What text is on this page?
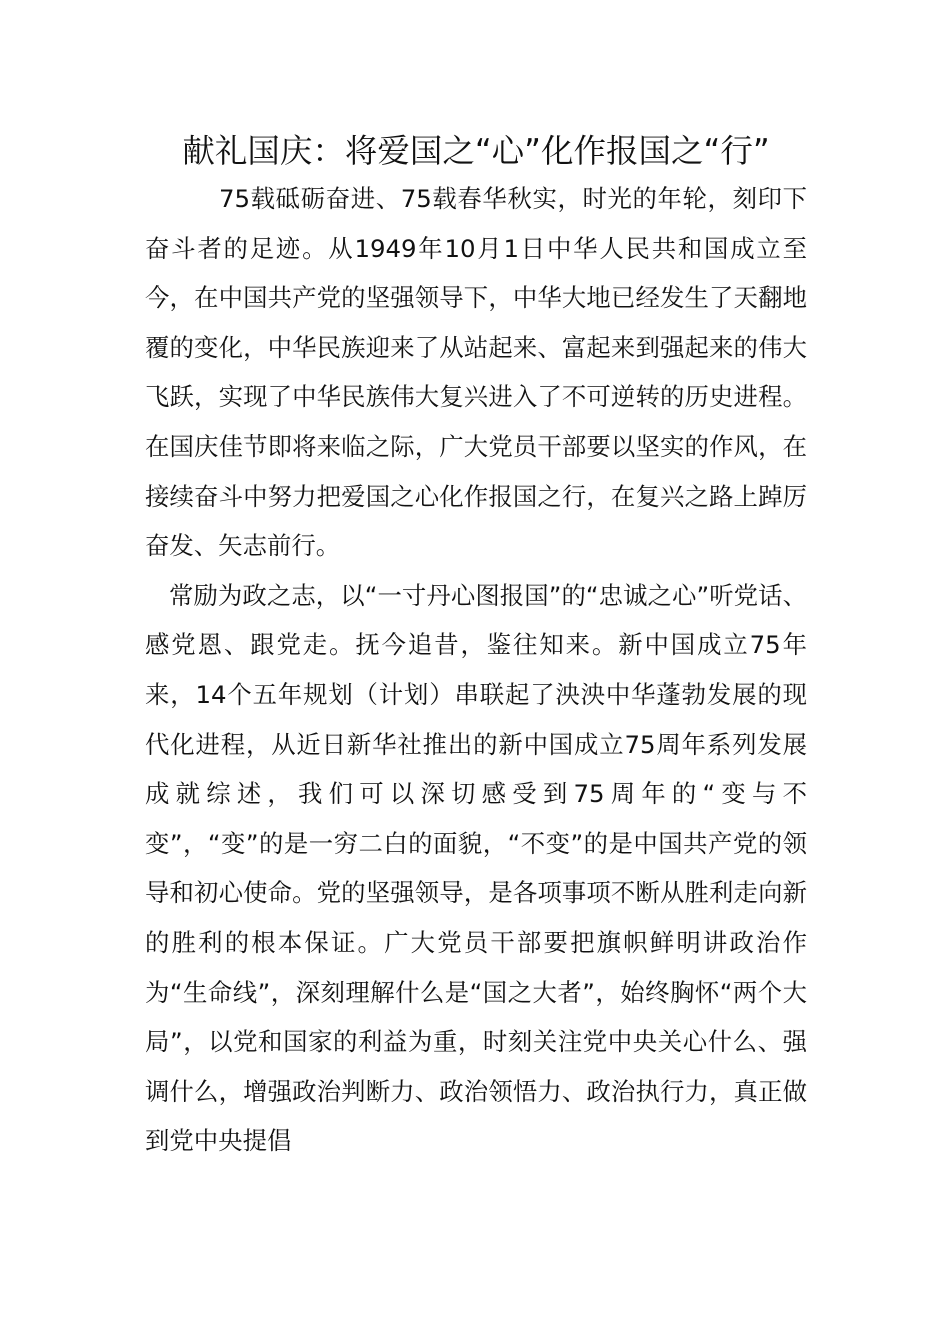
献礼国庆：将爱国之“心”化作报国之“行”

75载砥砺奋进、75载春华秋实，时光的年轮，刻印下奋斗者的足迹。从1949年10月1日中华人民共和国成立至今，在中国共产党的坚强领导下，中华大地已经发生了天翻地覆的变化，中华民族迎来了从站起来、富起来到强起来的伟大飞跃，实现了中华民族伟大复兴进入了不可逆转的历史进程。在国庆佳节即将来临之际，广大党员干部要以坚实的作风，在接续奋斗中努力把爱国之心化作报国之行，在复兴之路上踔厉奋发、矢志前行。

常励为政之志，以“一寸丹心图报国”的“忠诚之心”听党话、感党恩、跟党走。抚今追昔，鉴往知来。新中国成立75年来，14个五年规划（计划）串联起了泱泱中华蓬勃发展的现代化进程，从近日新华社推出的新中国成立75周年系列发展成就综述，我们可以深切感受到75周年的“变与不变”，“变”的是一穷二白的面貌，“不变”的是中国共产党的领导和初心使命。党的坚强领导，是各项事项不断从胜利走向新的胜利的根本保证。广大党员干部要把旗帜鲜明讲政治作为“生命线”，深刻理解什么是“国之大者”，始终胸怀“两个大局”，以党和国家的利益为重，时刻关注党中央关心什么、强调什么，增强政治判断力、政治领悟力、政治执行力，真正做到党中央提倡
